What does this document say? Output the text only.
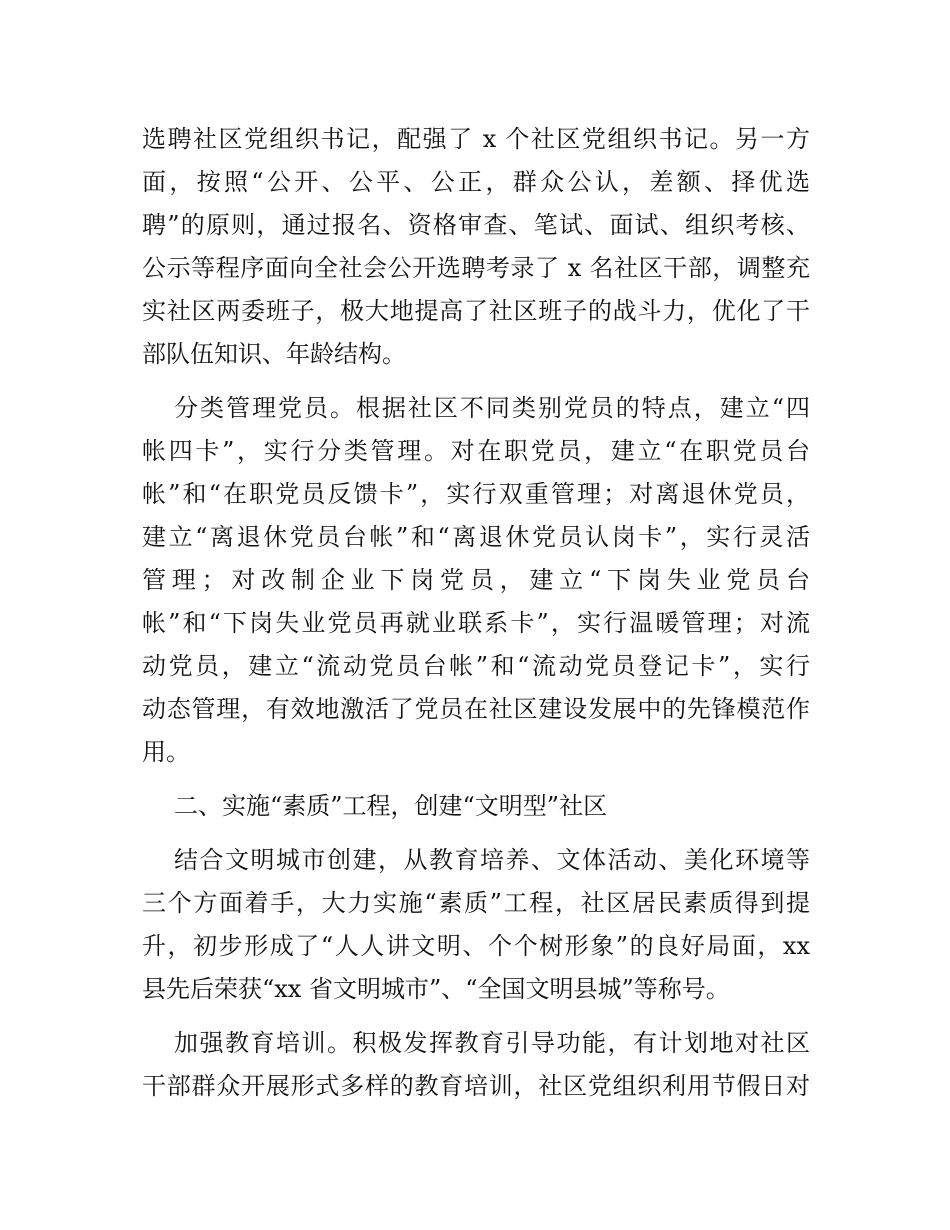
选聘社区党组织书记，配强了 x 个社区党组织书记。另一方
面，按照“公开、公平、公正，群众公认，差额、择优选
聘”的原则，通过报名、资格审查、笔试、面试、组织考核、
公示等程序面向全社会公开选聘考录了 x 名社区干部，调整充
实社区两委班子，极大地提高了社区班子的战斗力，优化了干
部队伍知识、年龄结构。
分类管理党员。根据社区不同类别党员的特点，建立“四
帐四卡”，实行分类管理。对在职党员，建立“在职党员台
帐”和“在职党员反馈卡”，实行双重管理；对离退休党员，
建立“离退休党员台帐”和“离退休党员认岗卡”，实行灵活
管理；对改制企业下岗党员，建立“下岗失业党员台
帐”和“下岗失业党员再就业联系卡”，实行温暖管理；对流
动党员，建立“流动党员台帐”和“流动党员登记卡”，实行
动态管理，有效地激活了党员在社区建设发展中的先锋模范作
用。
二、实施“素质”工程，创建“文明型”社区
结合文明城市创建，从教育培养、文体活动、美化环境等
三个方面着手，大力实施“素质”工程，社区居民素质得到提
升，初步形成了“人人讲文明、个个树形象”的良好局面，xx
县先后荣获“xx 省文明城市”、“全国文明县城”等称号。
加强教育培训。积极发挥教育引导功能，有计划地对社区
干部群众开展形式多样的教育培训，社区党组织利用节假日对
